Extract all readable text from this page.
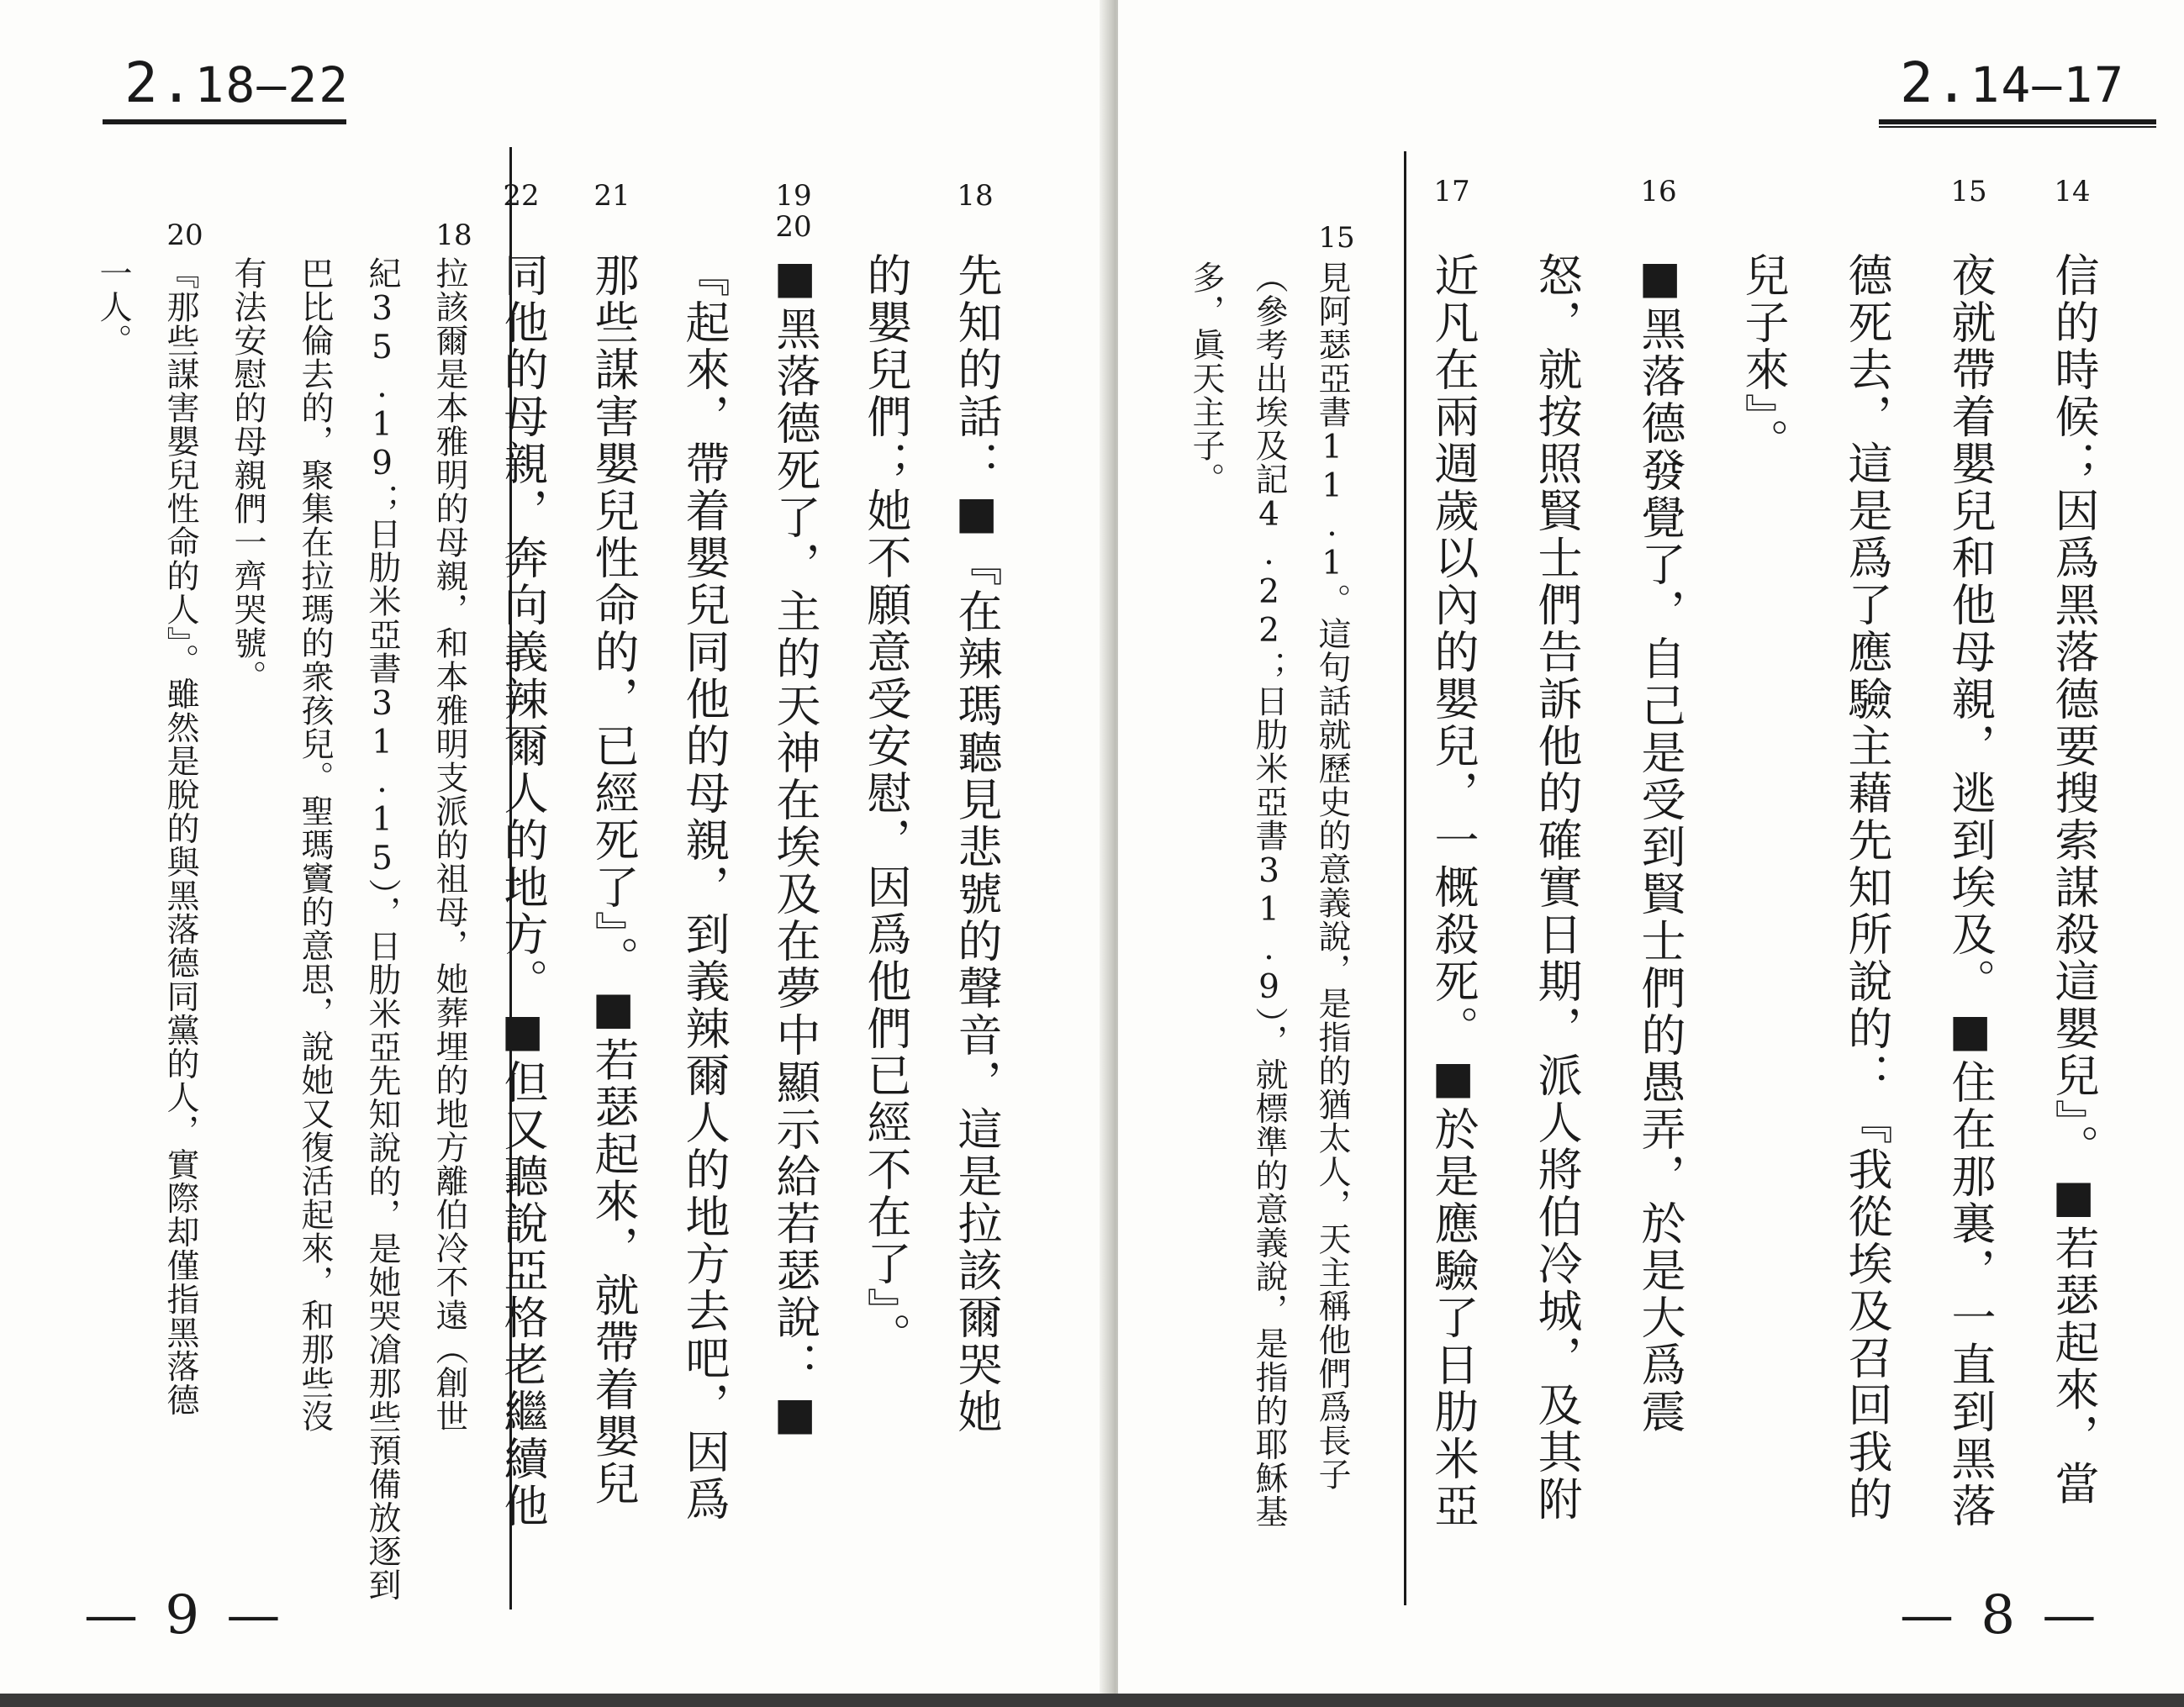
2.18—22
18
先知的話：■『在辣瑪聽見悲號的聲音，這是拉該爾哭她
的嬰兒們；她不願意受安慰，因爲他們已經不在了』。
19
20
■黑落德死了，主的天神在埃及在夢中顯示給若瑟說：■
『起來，帶着嬰兒同他的母親，到義辣爾人的地方去吧，因爲
21
那些謀害嬰兒性命的，已經死了』。■若瑟起來，就帶着嬰兒
22
同他的母親，奔向義辣爾人的地方。■但又聽說亞格老繼續他
18
拉該爾是本雅明的母親，和本雅明支派的祖母，她葬埋的地方離伯冷不遠（創世
紀35.19；日肋米亞書31.15），日肋米亞先知說的，是她哭凔那些預備放逐到
巴比倫去的，聚集在拉瑪的衆孩兒。聖瑪竇的意思，說她又復活起來，和那些沒
有法安慰的母親們一齊哭號。
20
『那些謀害嬰兒性命的人』。雖然是脫的與黑落德同黨的人，實際却僅指黑落德
一人。
— 9 —
2.14—17
14
信的時候；因爲黑落德要搜索謀殺這嬰兒』。■若瑟起來，當
15
夜就帶着嬰兒和他母親，逃到埃及。■住在那裏，一直到黑落
德死去，這是爲了應驗主藉先知所說的：『我從埃及召回我的
兒子來』。
16
■黑落德發覺了，自己是受到賢士們的愚弄，於是大爲震
怒，就按照賢士們告訴他的確實日期，派人將伯冷城，及其附
17
近凡在兩週歲以內的嬰兒，一概殺死。■於是應驗了日肋米亞
15
見阿瑟亞書11.1。這句話就歷史的意義說，是指的猶太人，天主稱他們爲長子
（參考出埃及記4.22；日肋米亞書31.9），就標準的意義說，是指的耶穌基
多，眞天主子。
— 8 —
